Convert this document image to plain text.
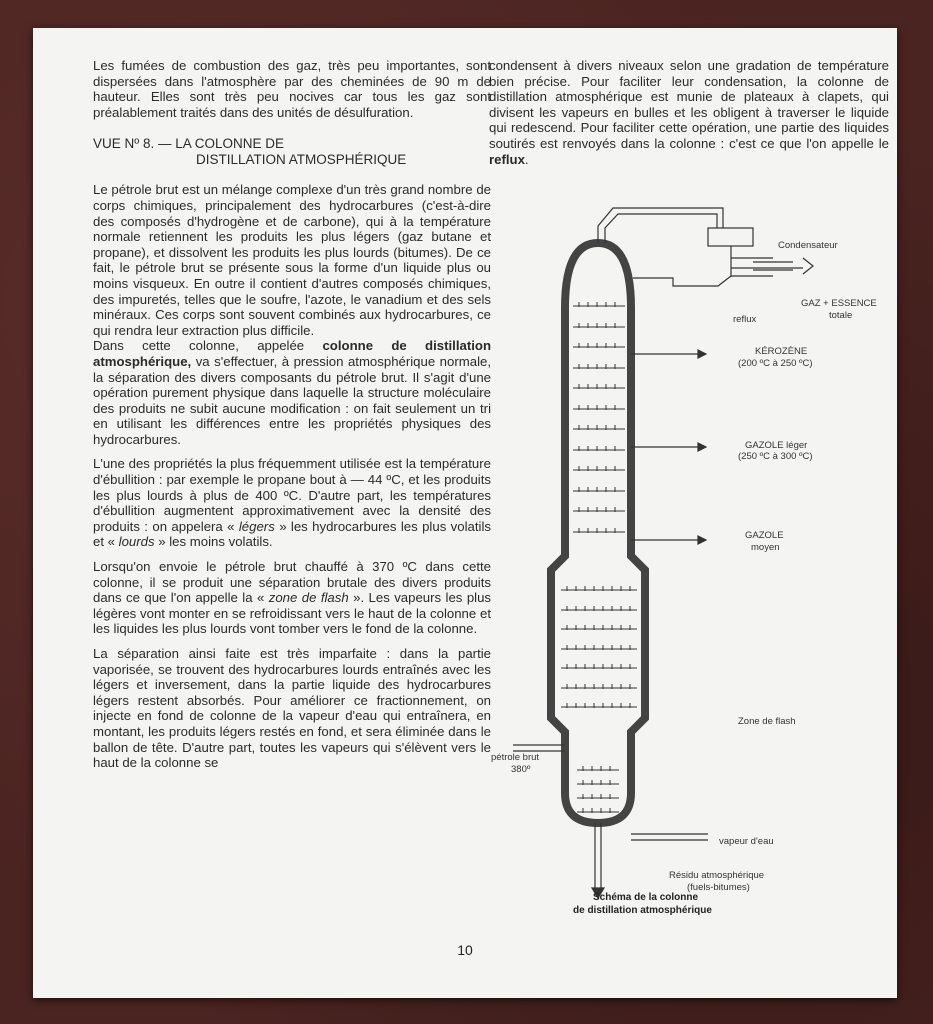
Les fumées de combustion des gaz, très peu importantes, sont dispersées dans l'atmosphère par des cheminées de 90 m de hauteur. Elles sont très peu nocives car tous les gaz sont préalablement traités dans des unités de désulfuration.

VUE Nº 8. — LA COLONNE DE
DISTILLATION ATMOSPHÉRIQUE

Le pétrole brut est un mélange complexe d'un très grand nombre de corps chimiques, principalement des hydrocarbures (c'est-à-dire des composés d'hydrogène et de carbone), qui à la température normale retiennent les produits les plus légers (gaz butane et propane), et dissolvent les produits les plus lourds (bitumes). De ce fait, le pétrole brut se présente sous la forme d'un liquide plus ou moins visqueux. En outre il contient d'autres composés chimiques, des impuretés, telles que le soufre, l'azote, le vanadium et des sels minéraux. Ces corps sont souvent combinés aux hydrocarbures, ce qui rendra leur extraction plus difficile.

Dans cette colonne, appelée colonne de distillation atmosphérique, va s'effectuer, à pression atmosphérique normale, la séparation des divers composants du pétrole brut. Il s'agit d'une opération purement physique dans laquelle la structure moléculaire des produits ne subit aucune modification : on fait seulement un tri en utilisant les différences entre les propriétés physiques des hydrocarbures.

L'une des propriétés la plus fréquemment utilisée est la température d'ébullition : par exemple le propane bout à — 44 ºC, et les produits les plus lourds à plus de 400 ºC. D'autre part, les températures d'ébullition augmentent approximativement avec la densité des produits : on appelera « légers » les hydrocarbures les plus volatils et « lourds » les moins volatils.

Lorsqu'on envoie le pétrole brut chauffé à 370 ºC dans cette colonne, il se produit une séparation brutale des divers produits dans ce que l'on appelle la « zone de flash ». Les vapeurs les plus légères vont monter en se refroidissant vers le haut de la colonne et les liquides les plus lourds vont tomber vers le fond de la colonne.

La séparation ainsi faite est très imparfaite : dans la partie vaporisée, se trouvent des hydrocarbures lourds entraînés avec les légers et inversement, dans la partie liquide des hydrocarbures légers restent absorbés. Pour améliorer ce fractionnement, on injecte en fond de colonne de la vapeur d'eau qui entraînera, en montant, les produits légers restés en fond, et sera éliminée dans le ballon de tête. D'autre part, toutes les vapeurs qui s'élèvent vers le haut de la colonne se

condensent à divers niveaux selon une gradation de température bien précise. Pour faciliter leur condensation, la colonne de distillation atmosphérique est munie de plateaux à clapets, qui divisent les vapeurs en bulles et les obligent à traverser le liquide qui redescend. Pour faciliter cette opération, une partie des liquides soutirés est renvoyés dans la colonne : c'est ce que l'on appelle le reflux.

Condensateur
GAZ + ESSENCE
totale
reflux
KÉROZÈNE
(200 ºC à 250 ºC)
GAZOLE léger
(250 ºC à 300 ºC)
GAZOLE
moyen
Zone de flash
pétrole brut
380º
vapeur d'eau
Résidu atmosphérique
(fuels-bitumes)
Schéma de la colonne
de distillation atmosphérique
10
